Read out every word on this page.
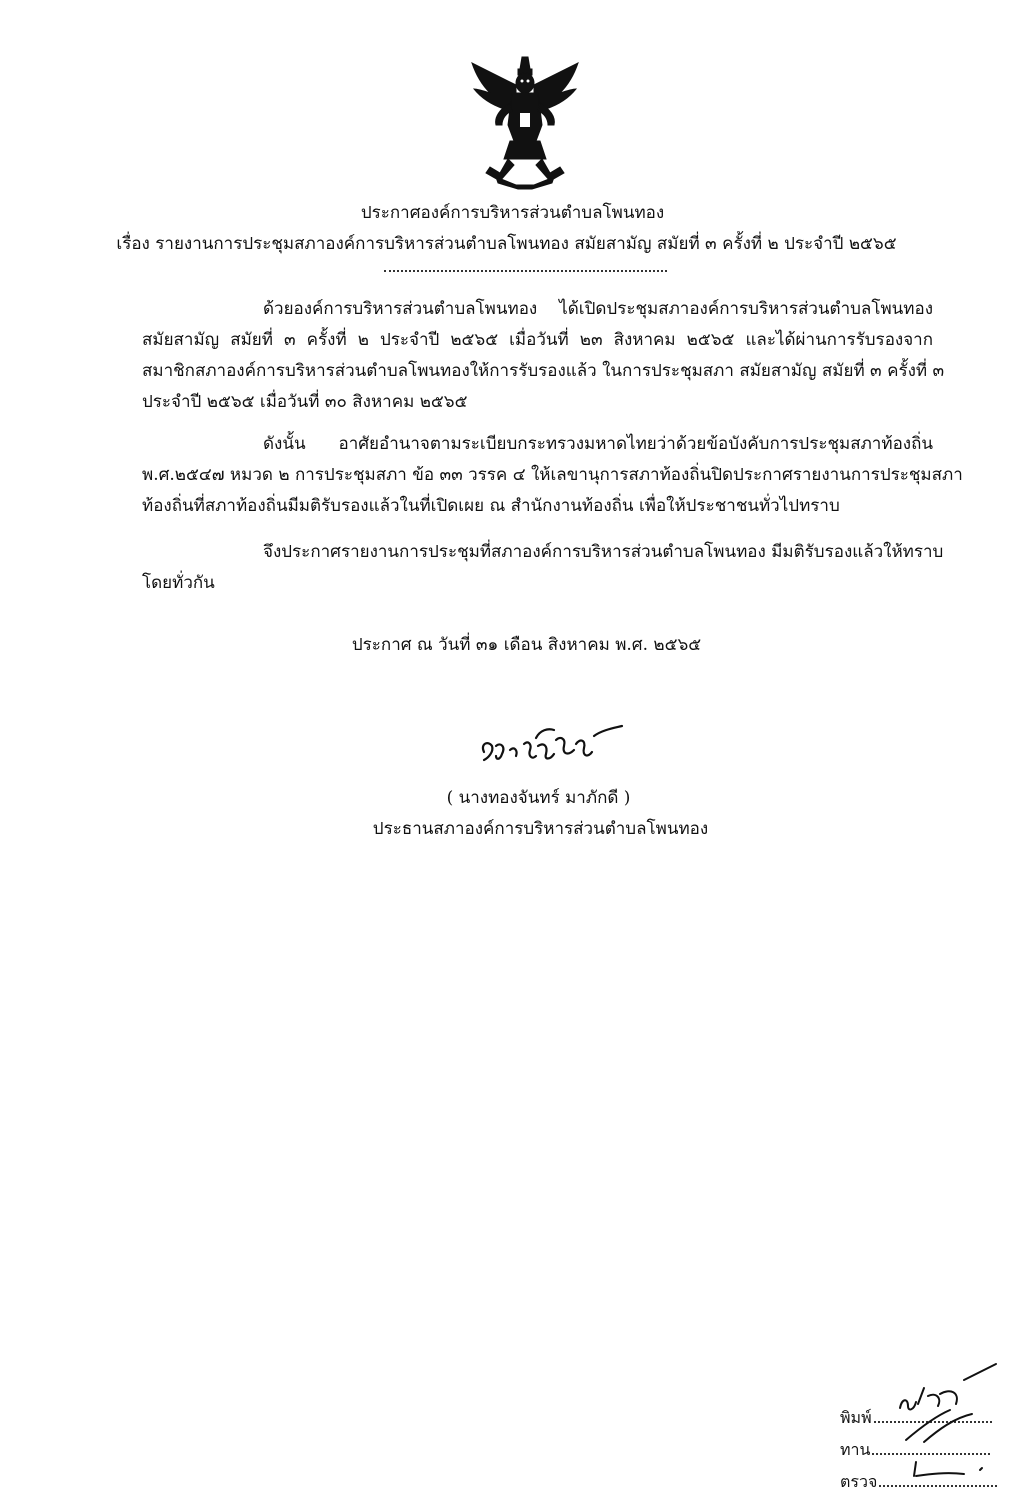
ประกาศองค์การบริหารส่วนตำบลโพนทอง
เรื่อง รายงานการประชุมสภาองค์การบริหารส่วนตำบลโพนทอง สมัยสามัญ สมัยที่ ๓ ครั้งที่ ๒ ประจำปี ๒๕๖๕
ด้วยองค์การบริหารส่วนตำบลโพนทอง ได้เปิดประชุมสภาองค์การบริหารส่วนตำบลโพนทอง
สมัยสามัญ สมัยที่ ๓ ครั้งที่ ๒ ประจำปี ๒๕๖๕ เมื่อวันที่ ๒๓ สิงหาคม ๒๕๖๕ และได้ผ่านการรับรองจาก
สมาชิกสภาองค์การบริหารส่วนตำบลโพนทองให้การรับรองแล้ว ในการประชุมสภา สมัยสามัญ สมัยที่ ๓ ครั้งที่ ๓
ประจำปี ๒๕๖๕ เมื่อวันที่ ๓๐ สิงหาคม ๒๕๖๕
ดังนั้น อาศัยอำนาจตามระเบียบกระทรวงมหาดไทยว่าด้วยข้อบังคับการประชุมสภาท้องถิ่น
พ.ศ.๒๕๔๗ หมวด ๒ การประชุมสภา ข้อ ๓๓ วรรค ๔ ให้เลขานุการสภาท้องถิ่นปิดประกาศรายงานการประชุมสภา
ท้องถิ่นที่สภาท้องถิ่นมีมติรับรองแล้วในที่เปิดเผย ณ สำนักงานท้องถิ่น เพื่อให้ประชาชนทั่วไปทราบ
จึงประกาศรายงานการประชุมที่สภาองค์การบริหารส่วนตำบลโพนทอง มีมติรับรองแล้วให้ทราบ
โดยทั่วกัน
ประกาศ ณ วันที่ ๓๑ เดือน สิงหาคม พ.ศ. ๒๕๖๕
( นางทองจันทร์ มาภักดี )
ประธานสภาองค์การบริหารส่วนตำบลโพนทอง
พิมพ์
ทาน
ตรวจ
